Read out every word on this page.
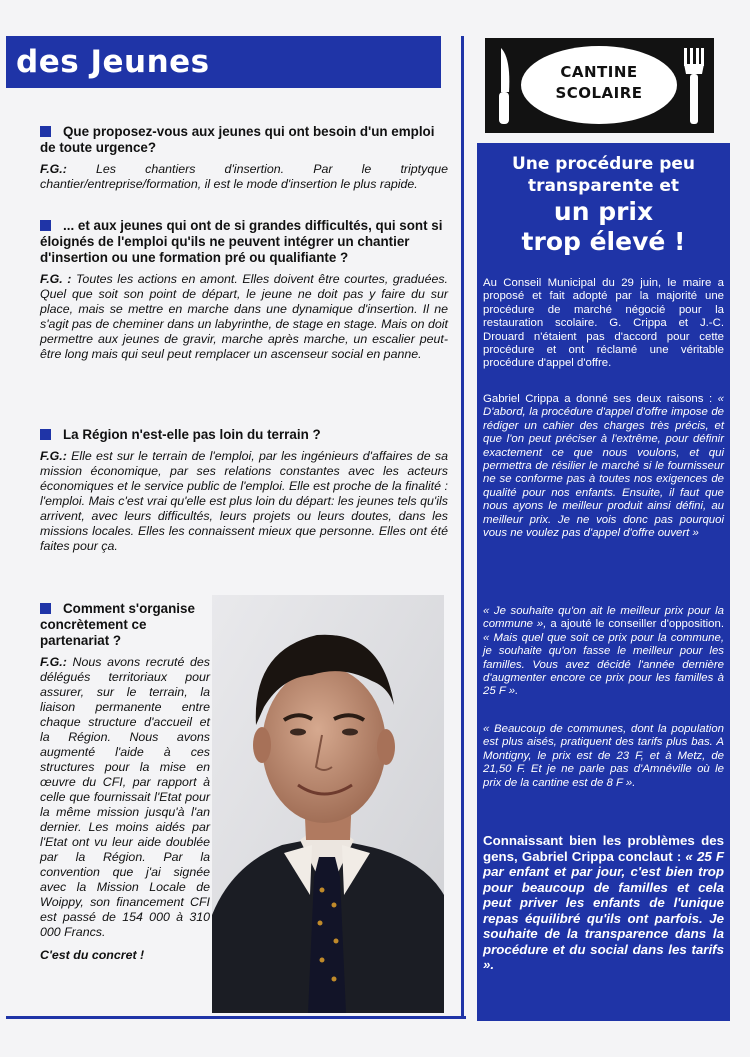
des Jeunes

Que proposez-vous aux jeunes qui ont besoin d'un emploi de toute urgence?

F.G.: Les chantiers d'insertion. Par le triptyque chantier/entreprise/formation, il est le mode d'insertion le plus rapide.

... et aux jeunes qui ont de si grandes difficultés, qui sont si éloignés de l'emploi qu'ils ne peuvent intégrer un chantier d'insertion ou une formation pré ou qualifiante ?

F.G. : Toutes les actions en amont. Elles doivent être courtes, graduées. Quel que soit son point de départ, le jeune ne doit pas y faire du sur place, mais se mettre en marche dans une dynamique d'insertion. Il ne s'agit pas de cheminer dans un labyrinthe, de stage en stage. Mais on doit permettre aux jeunes de gravir, marche après marche, un escalier peut-être long mais qui seul peut remplacer un ascenseur social en panne.

La Région n'est-elle pas loin du terrain ?

F.G.: Elle est sur le terrain de l'emploi, par les ingénieurs d'affaires de sa mission économique, par ses relations constantes avec les acteurs économiques et le service public de l'emploi. Elle est proche de la finalité : l'emploi. Mais c'est vrai qu'elle est plus loin du départ: les jeunes tels qu'ils arrivent, avec leurs difficultés, leurs projets ou leurs doutes, dans les missions locales. Elles les connaissent mieux que personne. Elles ont été faites pour ça.

Comment s'organise concrètement ce partenariat ?

F.G.: Nous avons recruté des délégués territoriaux pour assurer, sur le terrain, la liaison permanente entre chaque structure d'accueil et la Région. Nous avons augmenté l'aide à ces structures pour la mise en œuvre du CFI, par rapport à celle que fournissait l'Etat pour la même mission jusqu'à l'an dernier. Les moins aidés par l'Etat ont vu leur aide doublée par la Région. Par la convention que j'ai signée avec la Mission Locale de Woippy, son financement CFI est passé de 154 000 à 310 000 Francs.

C'est du concret !

CANTINE
SCOLAIRE
Une procédure peu
transparente et
un prix
trop élevé !

Au Conseil Municipal du 29 juin, le maire a proposé et fait adopté par la majorité une procédure de marché négocié pour la restauration scolaire. G. Crippa et J.-C. Drouard n'étaient pas d'accord pour cette procédure et ont réclamé une véritable procédure d'appel d'offre.

Gabriel Crippa a donné ses deux raisons : « D'abord, la procédure d'appel d'offre impose de rédiger un cahier des charges très précis, et que l'on peut préciser à l'extrême, pour définir exactement ce que nous voulons, et qui permettra de résilier le marché si le fournisseur ne se conforme pas à toutes nos exigences de qualité pour nos enfants. Ensuite, il faut que nous ayons le meilleur produit ainsi défini, au meilleur prix. Je ne vois donc pas pourquoi vous ne voulez pas d'appel d'offre ouvert »

« Je souhaite qu'on ait le meilleur prix pour la commune », a ajouté le conseiller d'opposition. « Mais quel que soit ce prix pour la commune, je souhaite qu'on fasse le meilleur pour les familles. Vous avez décidé l'année dernière d'augmenter encore ce prix pour les familles à 25 F ».

« Beaucoup de communes, dont la population est plus aisés, pratiquent des tarifs plus bas. A Montigny, le prix est de 23 F, et à Metz, de 21,50 F. Et je ne parle pas d'Amnéville où le prix de la cantine est de 8 F ».

Connaissant bien les problèmes des gens, Gabriel Crippa conclaut : « 25 F par enfant et par jour, c'est bien trop pour beaucoup de familles et cela peut priver les enfants de l'unique repas équilibré qu'ils ont parfois. Je souhaite de la transparence dans la procédure et du social dans les tarifs ».
